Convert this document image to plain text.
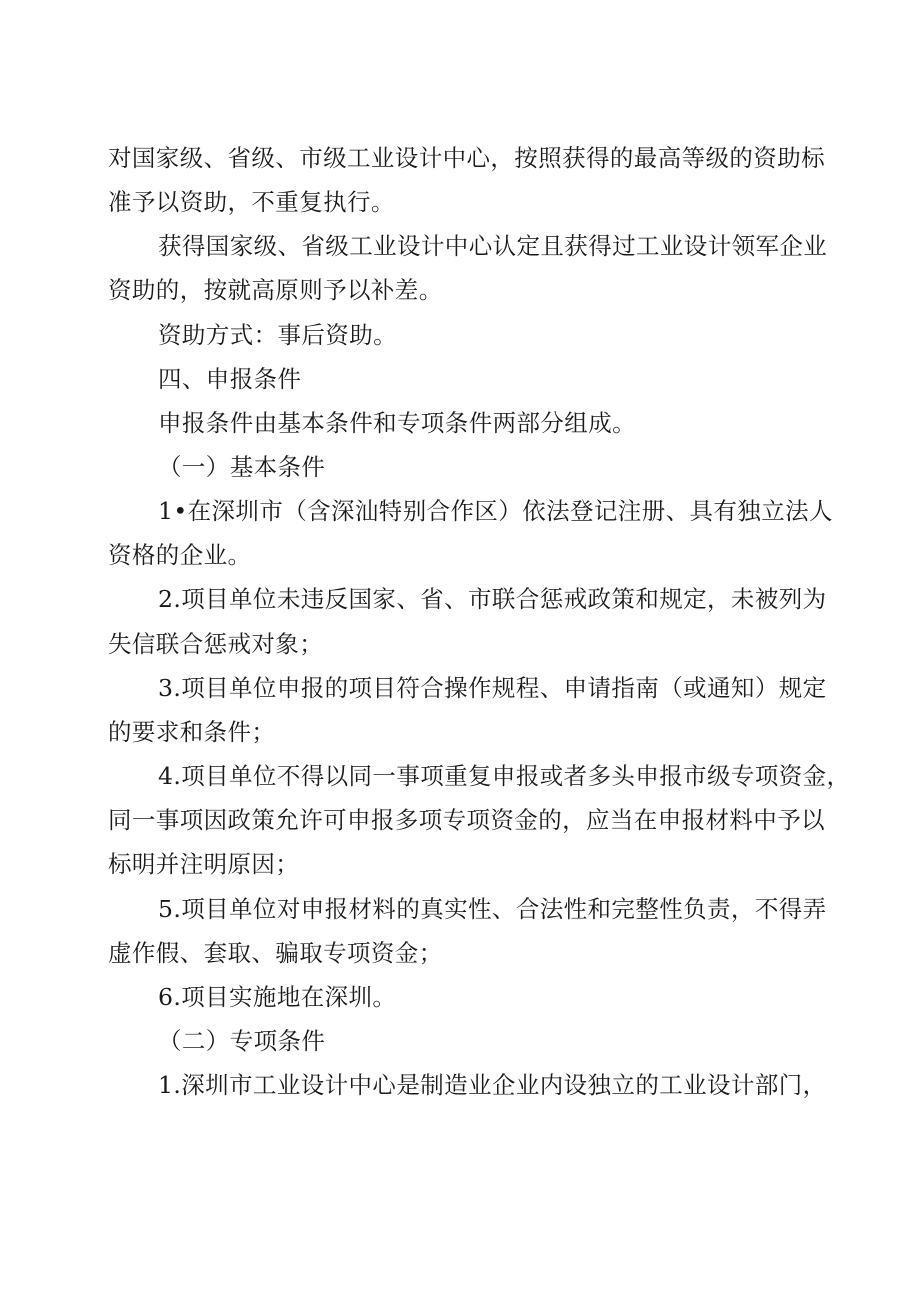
对国家级、省级、市级工业设计中心，按照获得的最高等级的资助标
准予以资助，不重复执行。
获得国家级、省级工业设计中心认定且获得过工业设计领军企业
资助的，按就高原则予以补差。
资助方式：事后资助。
四、申报条件
申报条件由基本条件和专项条件两部分组成。
（一）基本条件
1•在深圳市（含深汕特别合作区）依法登记注册、具有独立法人
资格的企业。
2.项目单位未违反国家、省、市联合惩戒政策和规定，未被列为
失信联合惩戒对象；
3.项目单位申报的项目符合操作规程、申请指南（或通知）规定
的要求和条件；
4.项目单位不得以同一事项重复申报或者多头申报市级专项资金，
同一事项因政策允许可申报多项专项资金的，应当在申报材料中予以
标明并注明原因；
5.项目单位对申报材料的真实性、合法性和完整性负责，不得弄
虚作假、套取、骗取专项资金；
6.项目实施地在深圳。
（二）专项条件
1.深圳市工业设计中心是制造业企业内设独立的工业设计部门，
